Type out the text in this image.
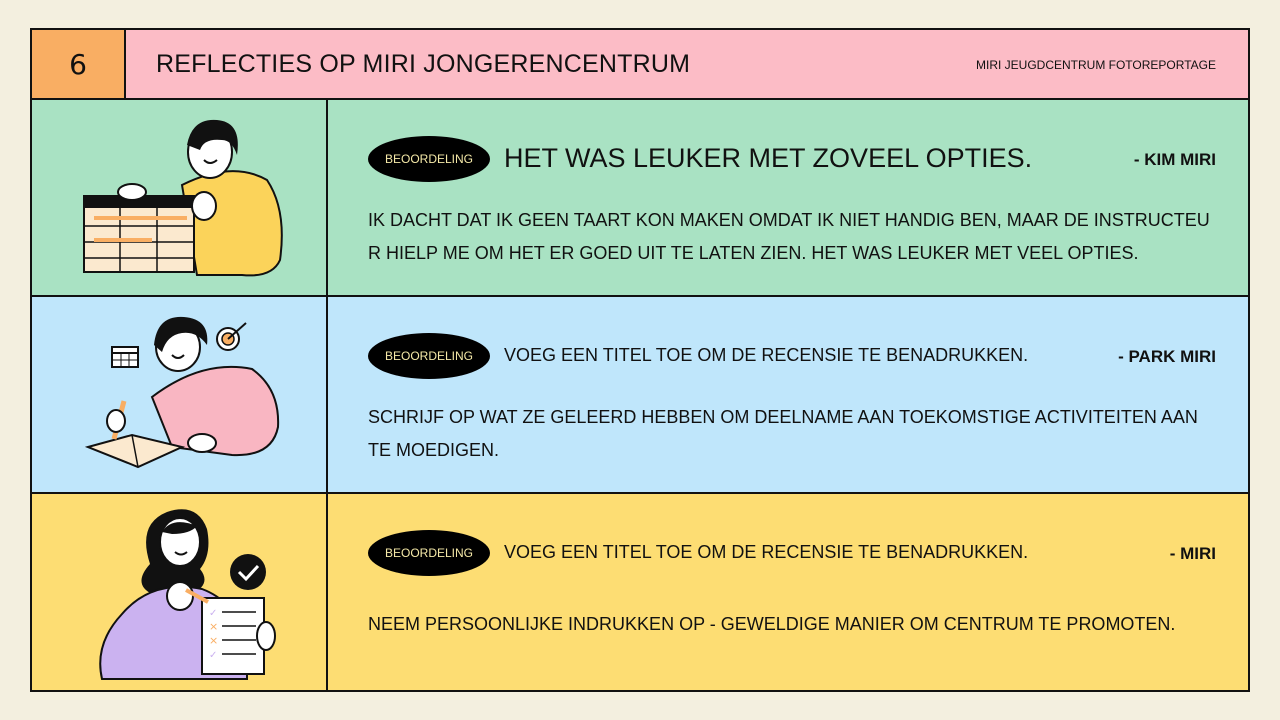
6	REFLECTIES OP MIRI JONGERENCENTRUM	MIRI JEUGDCENTRUM FOTOREPORTAGE
BEOORDELING	HET WAS LEUKER MET ZOVEEL OPTIES.	- KIM MIRI
IK DACHT DAT IK GEEN TAART KON MAKEN OMDAT IK NIET HANDIG BEN, MAAR DE INSTRUCTEUR HIELP ME OM HET ER GOED UIT TE LATEN ZIEN. HET WAS LEUKER MET VEEL OPTIES.
BEOORDELING	VOEG EEN TITEL TOE OM DE RECENSIE TE BENADRUKKEN.	- PARK MIRI
SCHRIJF OP WAT ZE GELEERD HEBBEN OM DEELNAME AAN TOEKOMSTIGE ACTIVITEITEN AAN TE MOEDIGEN.
×
×
✓
✓
BEOORDELING	VOEG EEN TITEL TOE OM DE RECENSIE TE BENADRUKKEN.	- MIRI
NEEM PERSOONLIJKE INDRUKKEN OP - GEWELDIGE MANIER OM CENTRUM TE PROMOTEN.
